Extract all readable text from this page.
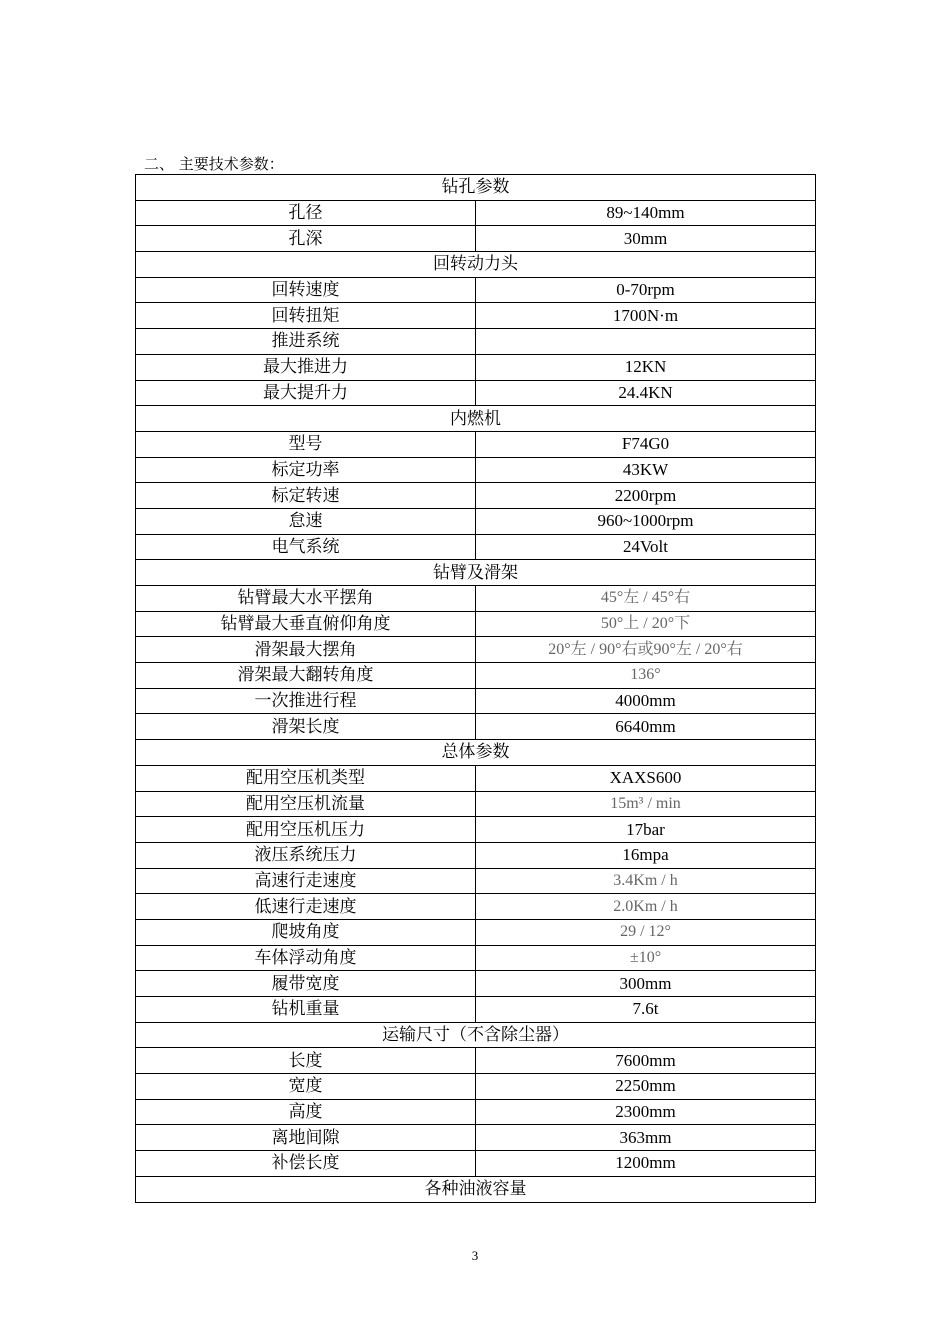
二、 主要技术参数：
钻孔参数	
孔径	89~140mm
孔深	30mm
回转动力头	
回转速度	0-70rpm
回转扭矩	1700N·m
推进系统	
最大推进力	12KN
最大提升力	24.4KN
内燃机	
型号	F74G0
标定功率	43KW
标定转速	2200rpm
怠速	960~1000rpm
电气系统	24Volt
钻臂及滑架	
钻臂最大水平摆角	45°左 / 45°右
钻臂最大垂直俯仰角度	50°上 / 20°下
滑架最大摆角	20°左 / 90°右或90°左 / 20°右
滑架最大翻转角度	136°
一次推进行程	4000mm
滑架长度	6640mm
总体参数	
配用空压机类型	XAXS600
配用空压机流量	15m³ / min
配用空压机压力	17bar
液压系统压力	16mpa
高速行走速度	3.4Km / h
低速行走速度	2.0Km / h
爬坡角度	29 / 12°
车体浮动角度	±10°
履带宽度	300mm
钻机重量	7.6t
运输尺寸（不含除尘器）	
长度	7600mm
宽度	2250mm
高度	2300mm
离地间隙	363mm
补偿长度	1200mm
各种油液容量	
3
